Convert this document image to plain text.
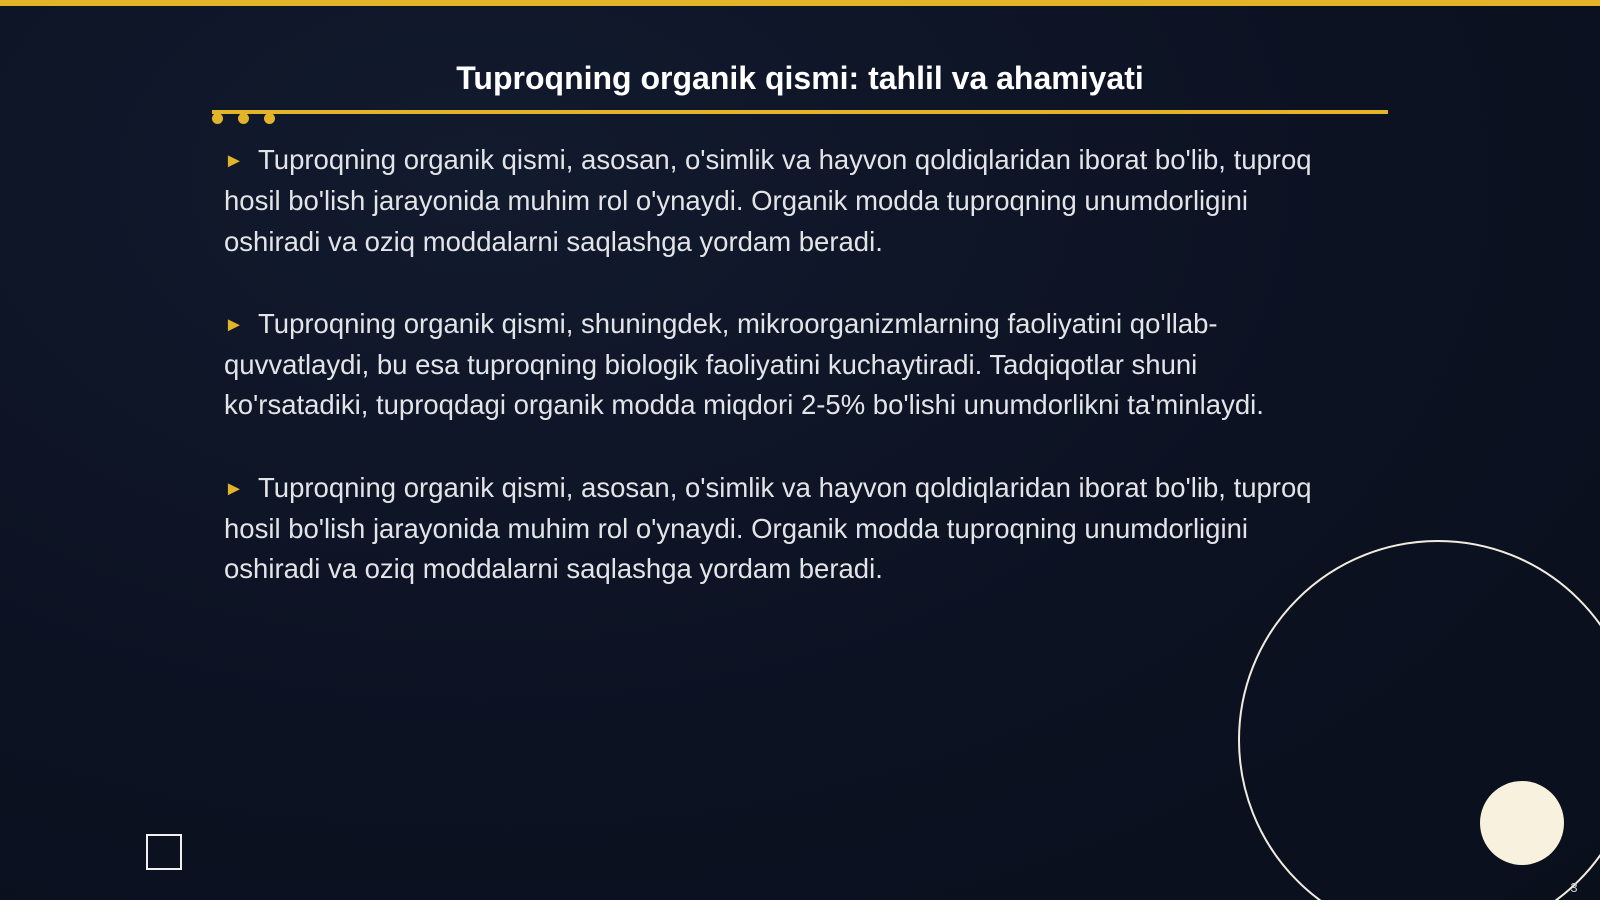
Tuproqning organik qismi: tahlil va ahamiyati

► Tuproqning organik qismi, asosan, o'simlik va hayvon qoldiqlaridan iborat bo'lib, tuproq hosil bo'lish jarayonida muhim rol o'ynaydi. Organik modda tuproqning unumdorligini oshiradi va oziq moddalarni saqlashga yordam beradi.

► Tuproqning organik qismi, shuningdek, mikroorganizmlarning faoliyatini qo'llab-quvvatlaydi, bu esa tuproqning biologik faoliyatini kuchaytiradi. Tadqiqotlar shuni ko'rsatadiki, tuproqdagi organik modda miqdori 2-5% bo'lishi unumdorlikni ta'minlaydi.

► Tuproqning organik qismi, asosan, o'simlik va hayvon qoldiqlaridan iborat bo'lib, tuproq hosil bo'lish jarayonida muhim rol o'ynaydi. Organik modda tuproqning unumdorligini oshiradi va oziq moddalarni saqlashga yordam beradi.

3
